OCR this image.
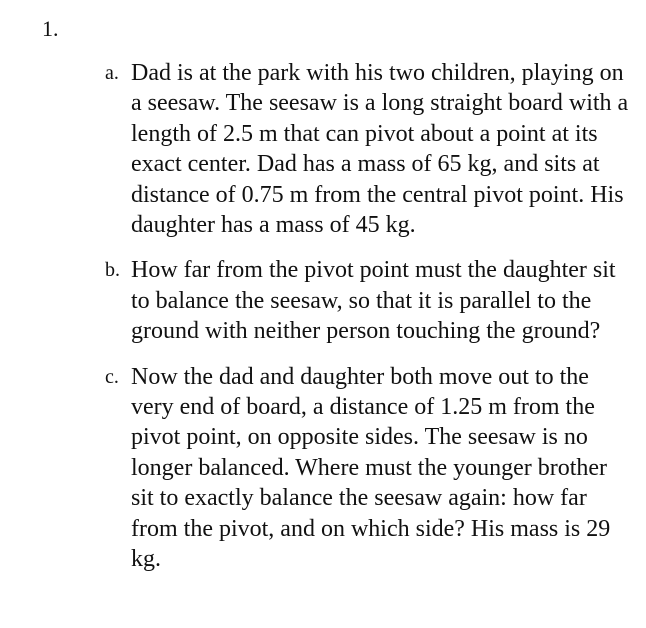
1.
a. Dad is at the park with his two children, playing on a seesaw. The seesaw is a long straight board with a length of 2.5 m that can pivot about a point at its exact center. Dad has a mass of 65 kg, and sits at distance of 0.75 m from the central pivot point. His daughter has a mass of 45 kg.
b. How far from the pivot point must the daughter sit to balance the seesaw, so that it is parallel to the ground with neither person touching the ground?
c. Now the dad and daughter both move out to the very end of board, a distance of 1.25 m from the pivot point, on opposite sides. The seesaw is no longer balanced. Where must the younger brother sit to exactly balance the seesaw again: how far from the pivot, and on which side? His mass is 29 kg.
